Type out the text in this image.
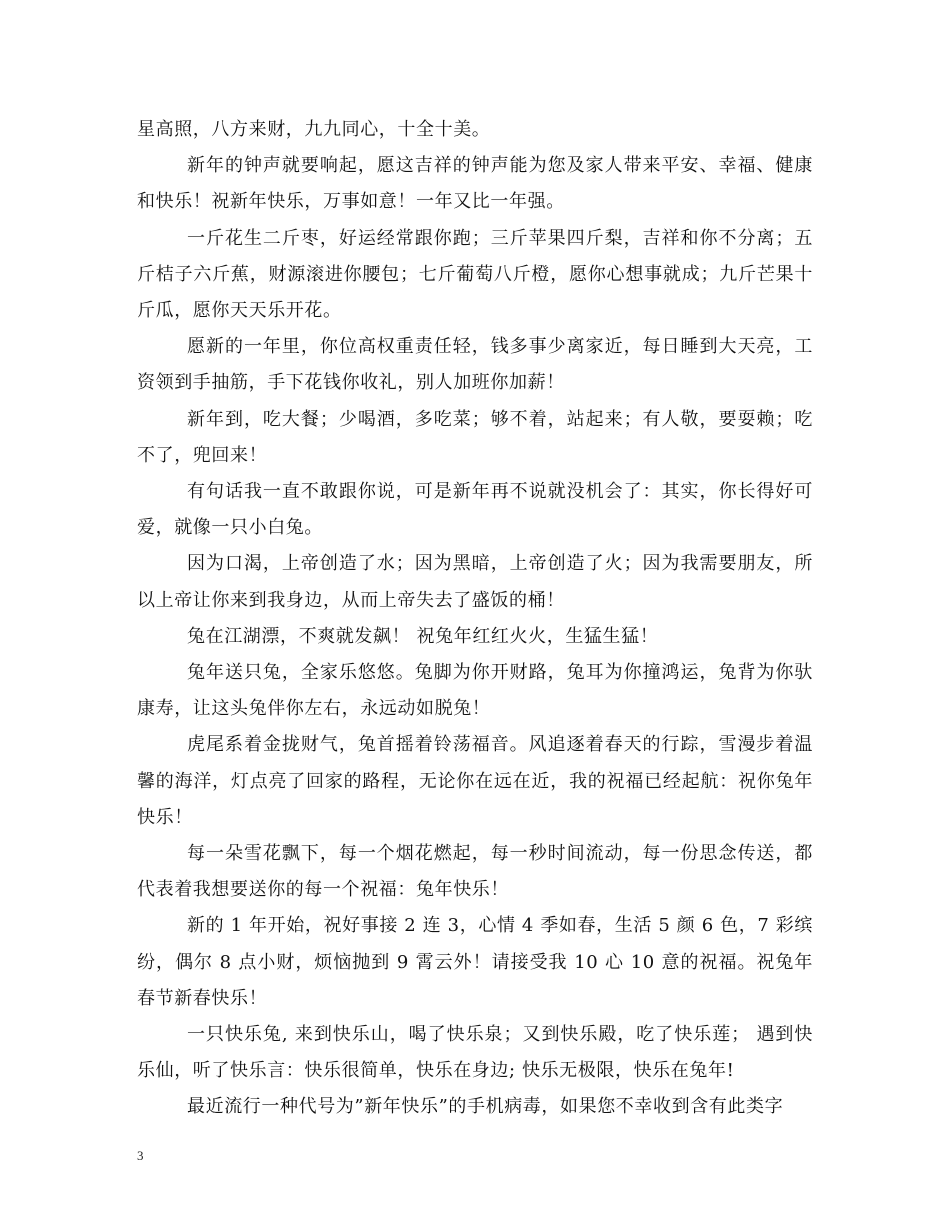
星高照，八方来财，九九同心，十全十美。

新年的钟声就要响起，愿这吉祥的钟声能为您及家人带来平安、幸福、健康和快乐！祝新年快乐，万事如意！一年又比一年强。

一斤花生二斤枣，好运经常跟你跑；三斤苹果四斤梨，吉祥和你不分离；五斤桔子六斤蕉，财源滚进你腰包；七斤葡萄八斤橙，愿你心想事就成；九斤芒果十斤瓜，愿你天天乐开花。

愿新的一年里，你位高权重责任轻，钱多事少离家近，每日睡到大天亮，工资领到手抽筋，手下花钱你收礼，别人加班你加薪！

新年到，吃大餐；少喝酒，多吃菜；够不着，站起来；有人敬，要耍赖；吃不了，兜回来！

有句话我一直不敢跟你说，可是新年再不说就没机会了：其实，你长得好可爱，就像一只小白兔。

因为口渴，上帝创造了水；因为黑暗，上帝创造了火；因为我需要朋友，所以上帝让你来到我身边，从而上帝失去了盛饭的桶！

兔在江湖漂，不爽就发飙！ 祝兔年红红火火，生猛生猛！

兔年送只兔，全家乐悠悠。兔脚为你开财路，兔耳为你撞鸿运，兔背为你驮康寿，让这头兔伴你左右，永远动如脱兔！

虎尾系着金拢财气，兔首摇着铃荡福音。风追逐着春天的行踪，雪漫步着温馨的海洋，灯点亮了回家的路程，无论你在远在近，我的祝福已经起航：祝你兔年快乐！

每一朵雪花飘下，每一个烟花燃起，每一秒时间流动，每一份思念传送，都代表着我想要送你的每一个祝福：兔年快乐！

新的 1 年开始，祝好事接 2 连 3，心情 4 季如春，生活 5 颜 6 色，7 彩缤纷，偶尔 8 点小财，烦恼抛到 9 霄云外！请接受我 10 心 10 意的祝福。祝兔年春节新春快乐！

一只快乐兔, 来到快乐山，喝了快乐泉；又到快乐殿，吃了快乐莲； 遇到快乐仙，听了快乐言：快乐很简单，快乐在身边; 快乐无极限，快乐在兔年!

最近流行一种代号为”新年快乐”的手机病毒，如果您不幸收到含有此类字

3
